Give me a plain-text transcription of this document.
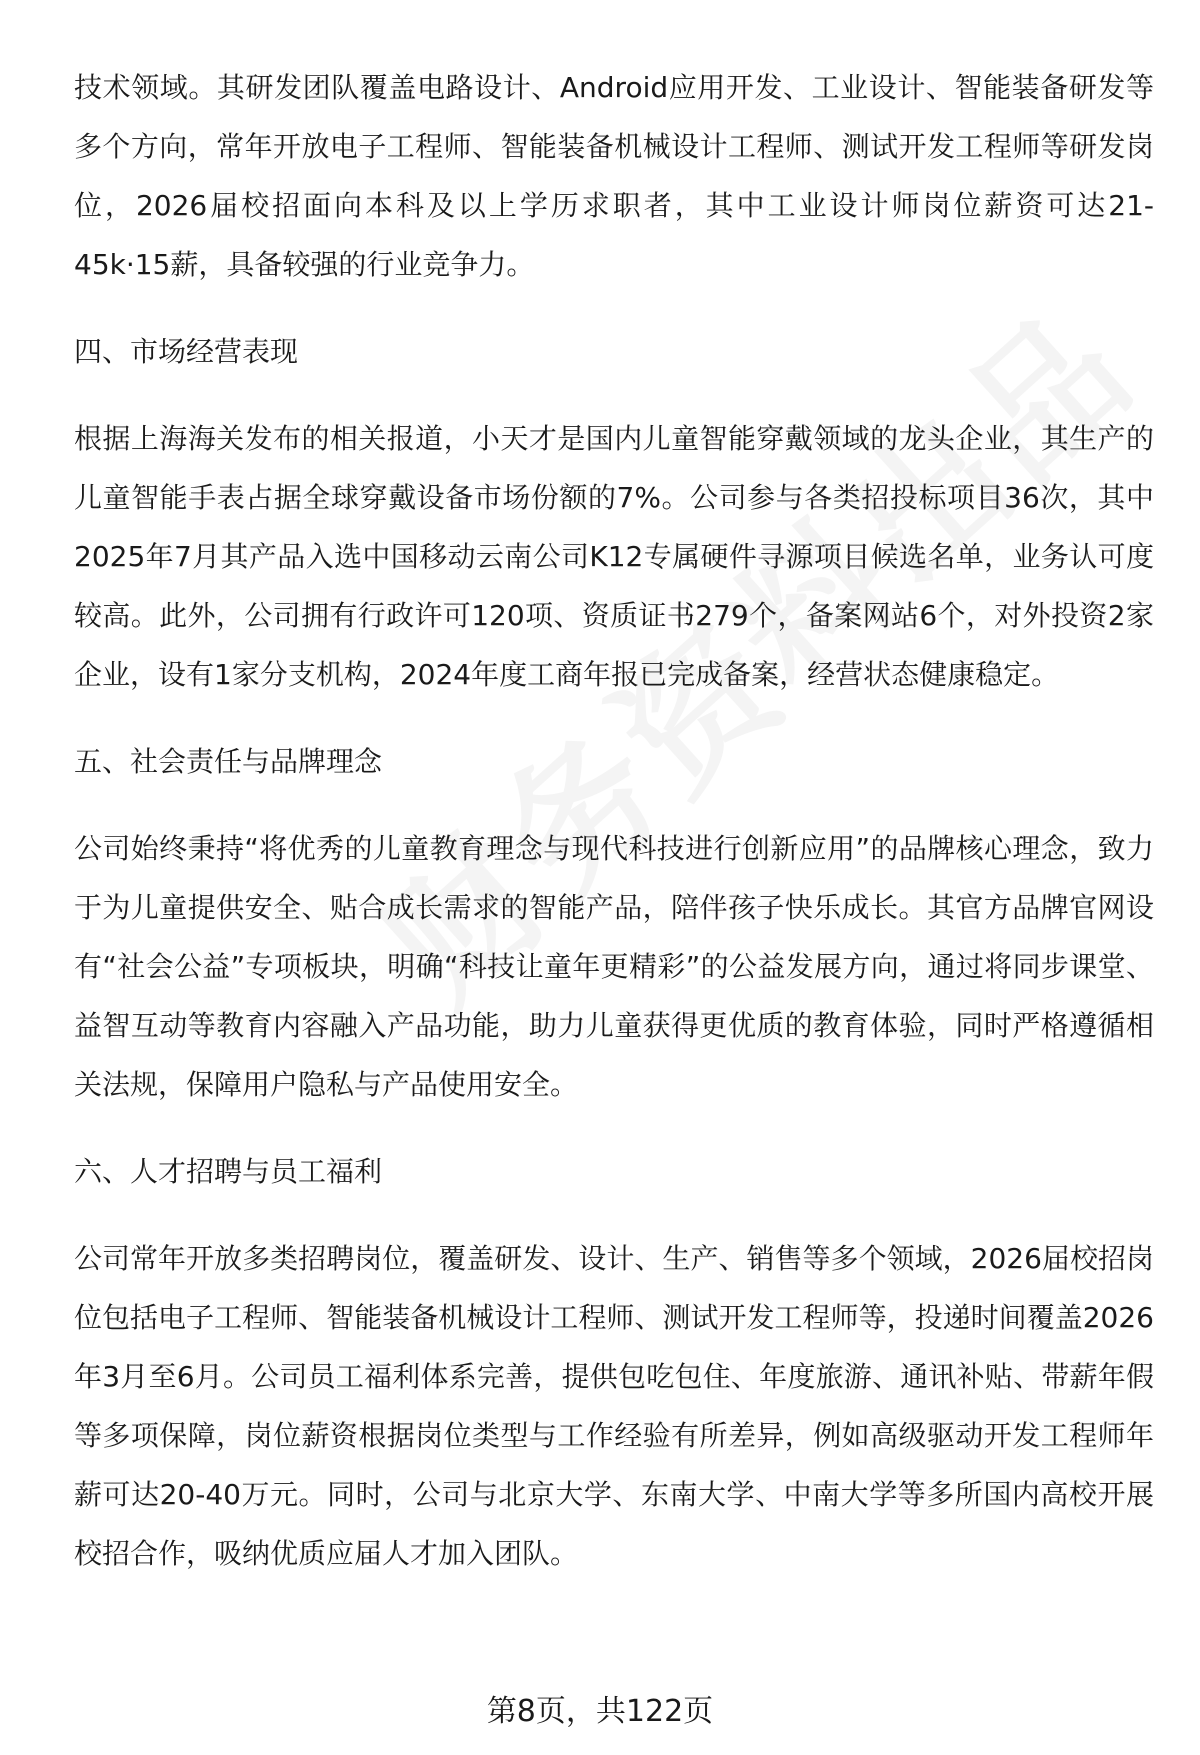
技术领域。其研发团队覆盖电路设计、Android应用开发、工业设计、智能装备研发等多个方向，常年开放电子工程师、智能装备机械设计工程师、测试开发工程师等研发岗位，2026届校招面向本科及以上学历求职者，其中工业设计师岗位薪资可达21-45k·15薪，具备较强的行业竞争力。

四、市场经营表现

根据上海海关发布的相关报道，小天才是国内儿童智能穿戴领域的龙头企业，其生产的儿童智能手表占据全球穿戴设备市场份额的7%。公司参与各类招投标项目36次，其中2025年7月其产品入选中国移动云南公司K12专属硬件寻源项目候选名单，业务认可度较高。此外，公司拥有行政许可120项、资质证书279个，备案网站6个，对外投资2家企业，设有1家分支机构，2024年度工商年报已完成备案，经营状态健康稳定。

五、社会责任与品牌理念

公司始终秉持“将优秀的儿童教育理念与现代科技进行创新应用”的品牌核心理念，致力于为儿童提供安全、贴合成长需求的智能产品，陪伴孩子快乐成长。其官方品牌官网设有“社会公益”专项板块，明确“科技让童年更精彩”的公益发展方向，通过将同步课堂、益智互动等教育内容融入产品功能，助力儿童获得更优质的教育体验，同时严格遵循相关法规，保障用户隐私与产品使用安全。

六、人才招聘与员工福利

公司常年开放多类招聘岗位，覆盖研发、设计、生产、销售等多个领域，2026届校招岗位包括电子工程师、智能装备机械设计工程师、测试开发工程师等，投递时间覆盖2026年3月至6月。公司员工福利体系完善，提供包吃包住、年度旅游、通讯补贴、带薪年假等多项保障，岗位薪资根据岗位类型与工作经验有所差异，例如高级驱动开发工程师年薪可达20-40万元。同时，公司与北京大学、东南大学、中南大学等多所国内高校开展校招合作，吸纳优质应届人才加入团队。

第8页，共122页
